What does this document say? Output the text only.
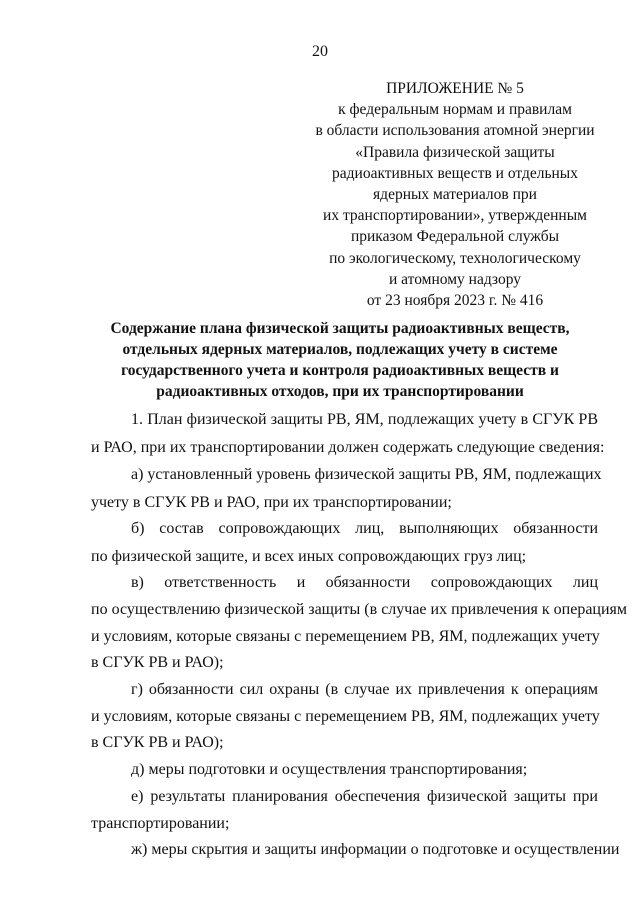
20
ПРИЛОЖЕНИЕ № 5
к федеральным нормам и правилам
в области использования атомной энергии
«Правила физической защиты
радиоактивных веществ и отдельных
ядерных материалов при
их транспортировании», утвержденным
приказом Федеральной службы
по экологическому, технологическому
и атомному надзору
от 23 ноября 2023 г. № 416
Содержание плана физической защиты радиоактивных веществ,
отдельных ядерных материалов, подлежащих учету в системе
государственного учета и контроля радиоактивных веществ и
радиоактивных отходов, при их транспортировании
1. План физической защиты РВ, ЯМ, подлежащих учету в СГУК РВ
и РАО, при их транспортировании должен содержать следующие сведения:
а) установленный уровень физической защиты РВ, ЯМ, подлежащих
учету в СГУК РВ и РАО, при их транспортировании;
б) состав сопровождающих лиц, выполняющих обязанности
по физической защите, и всех иных сопровождающих груз лиц;
в) ответственность и обязанности сопровождающих лиц
по осуществлению физической защиты (в случае их привлечения к операциям
и условиям, которые связаны с перемещением РВ, ЯМ, подлежащих учету
в СГУК РВ и РАО);
г) обязанности сил охраны (в случае их привлечения к операциям
и условиям, которые связаны с перемещением РВ, ЯМ, подлежащих учету
в СГУК РВ и РАО);
д) меры подготовки и осуществления транспортирования;
е) результаты планирования обеспечения физической защиты при
транспортировании;
ж) меры скрытия и защиты информации о подготовке и осуществлении
